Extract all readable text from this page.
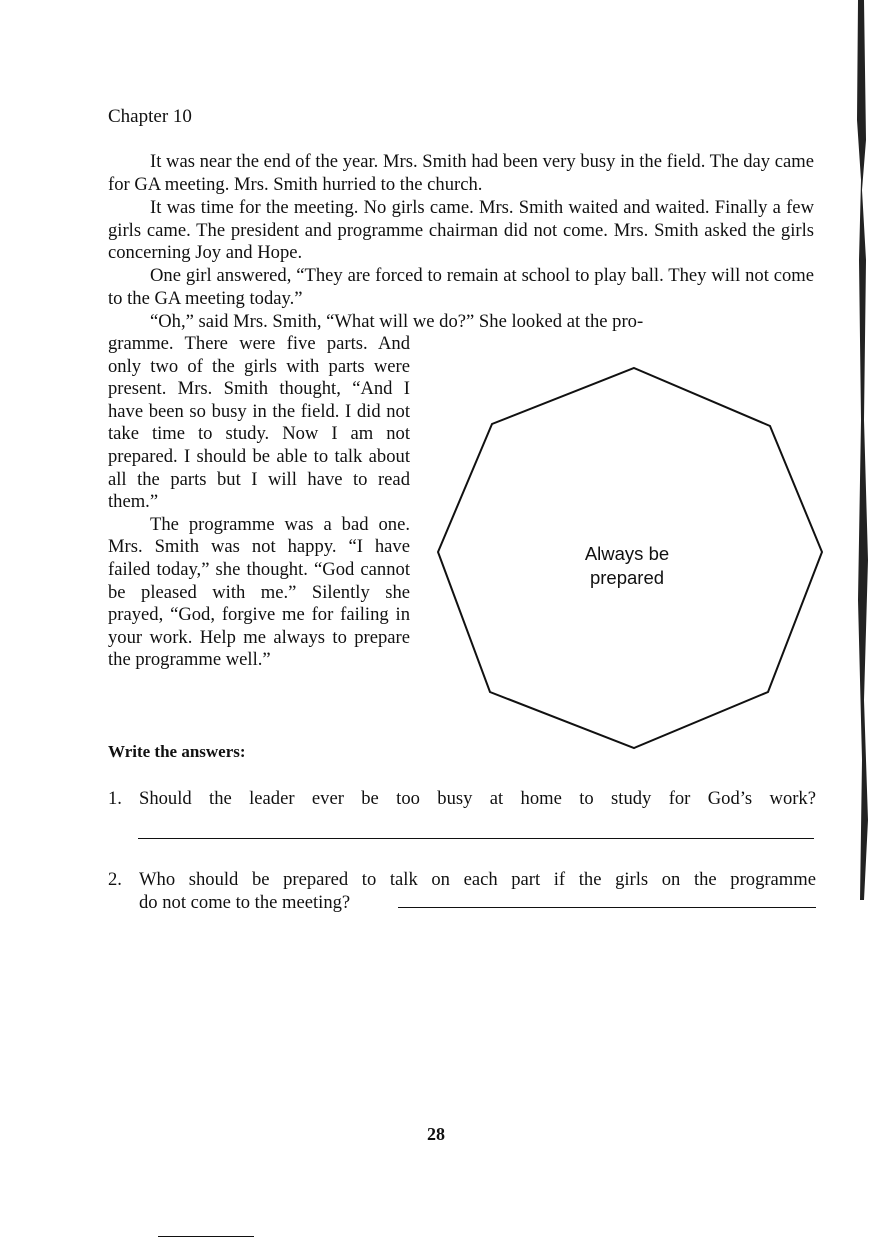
Chapter 10

It was near the end of the year. Mrs. Smith had been very busy in the field. The day came for GA meeting. Mrs. Smith hurried to the church.

It was time for the meeting. No girls came. Mrs. Smith waited and waited. Finally a few girls came. The president and programme chairman did not come. Mrs. Smith asked the girls concerning Joy and Hope.

One girl answered, “They are forced to remain at school to play ball. They will not come to the GA meeting today.”

“Oh,” said Mrs. Smith, “What will we do?” She looked at the pro-

gramme. There were five parts. And only two of the girls with parts were present. Mrs. Smith thought, “And I have been so busy in the field. I did not take time to study. Now I am not prepared. I should be able to talk about all the parts but I will have to read them.”

The programme was a bad one. Mrs. Smith was not happy. “I have failed today,” she thought. “God cannot be pleased with me.” Silently she prayed, “God, forgive me for failing in your work. Help me always to prepare the programme well.”

Always be
prepared
Write the answers:
1. Should the leader ever be too busy at home to study for God’s work?
2. Who should be prepared to talk on each part if the girls on the programme
do not come to the meeting?
28
